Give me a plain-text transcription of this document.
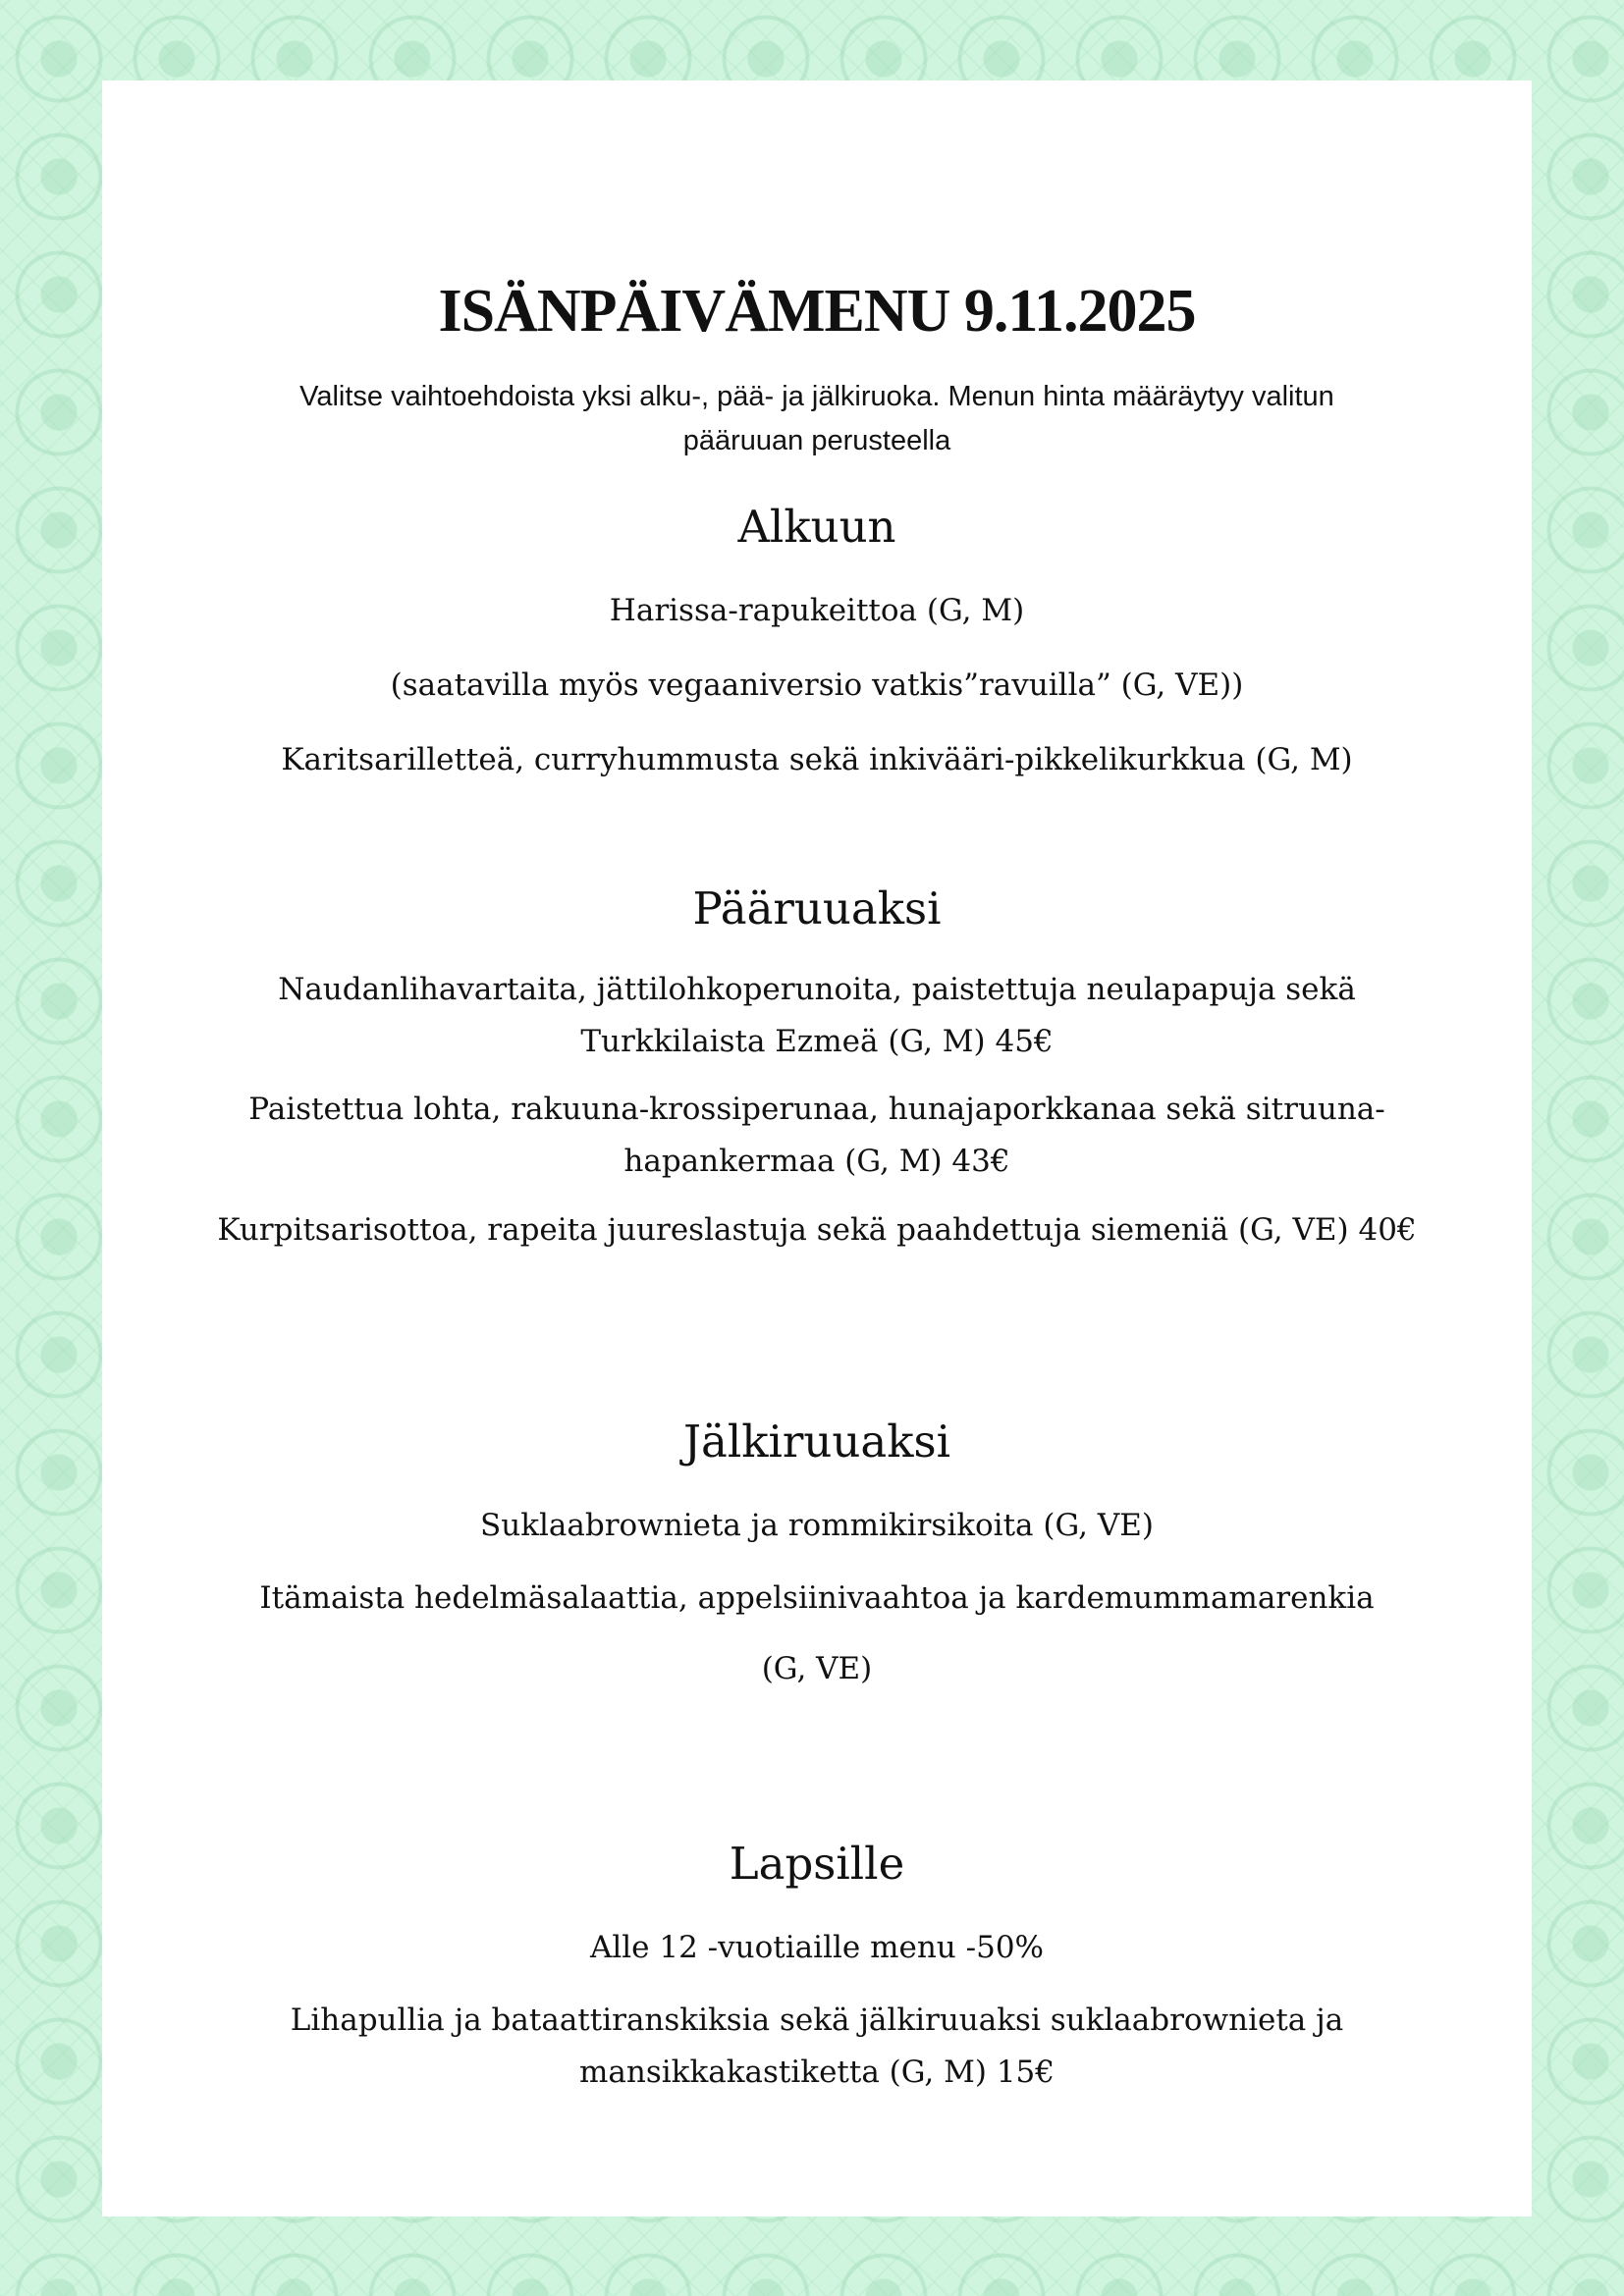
ISÄNPÄIVÄMENU 9.11.2025

Valitse vaihtoehdoista yksi alku-, pää- ja jälkiruoka. Menun hinta määräytyy valitun pääruuan perusteella

Alkuun

Harissa-rapukeittoa (G, M)

(saatavilla myös vegaaniversio vatkis”ravuilla” (G, VE))

Karitsarilletteä, curryhummusta sekä inkivääri-pikkelikurkkua (G, M)

Pääruuaksi

Naudanlihavartaita, jättilohkoperunoita, paistettuja neulapapuja sekä Turkkilaista Ezmeä (G, M) 45€

Paistettua lohta, rakuuna-krossiperunaa, hunajaporkkanaa sekä sitruuna-hapankermaa (G, M) 43€

Kurpitsarisottoa, rapeita juureslastuja sekä paahdettuja siemeniä (G, VE) 40€

Jälkiruuaksi

Suklaabrownieta ja rommikirsikoita (G, VE)

Itämaista hedelmäsalaattia, appelsiinivaahtoa ja kardemummamarenkia

(G, VE)

Lapsille

Alle 12 -vuotiaille menu -50%

Lihapullia ja bataattiranskiksia sekä jälkiruuaksi suklaabrownieta ja mansikkakastiketta (G, M) 15€
